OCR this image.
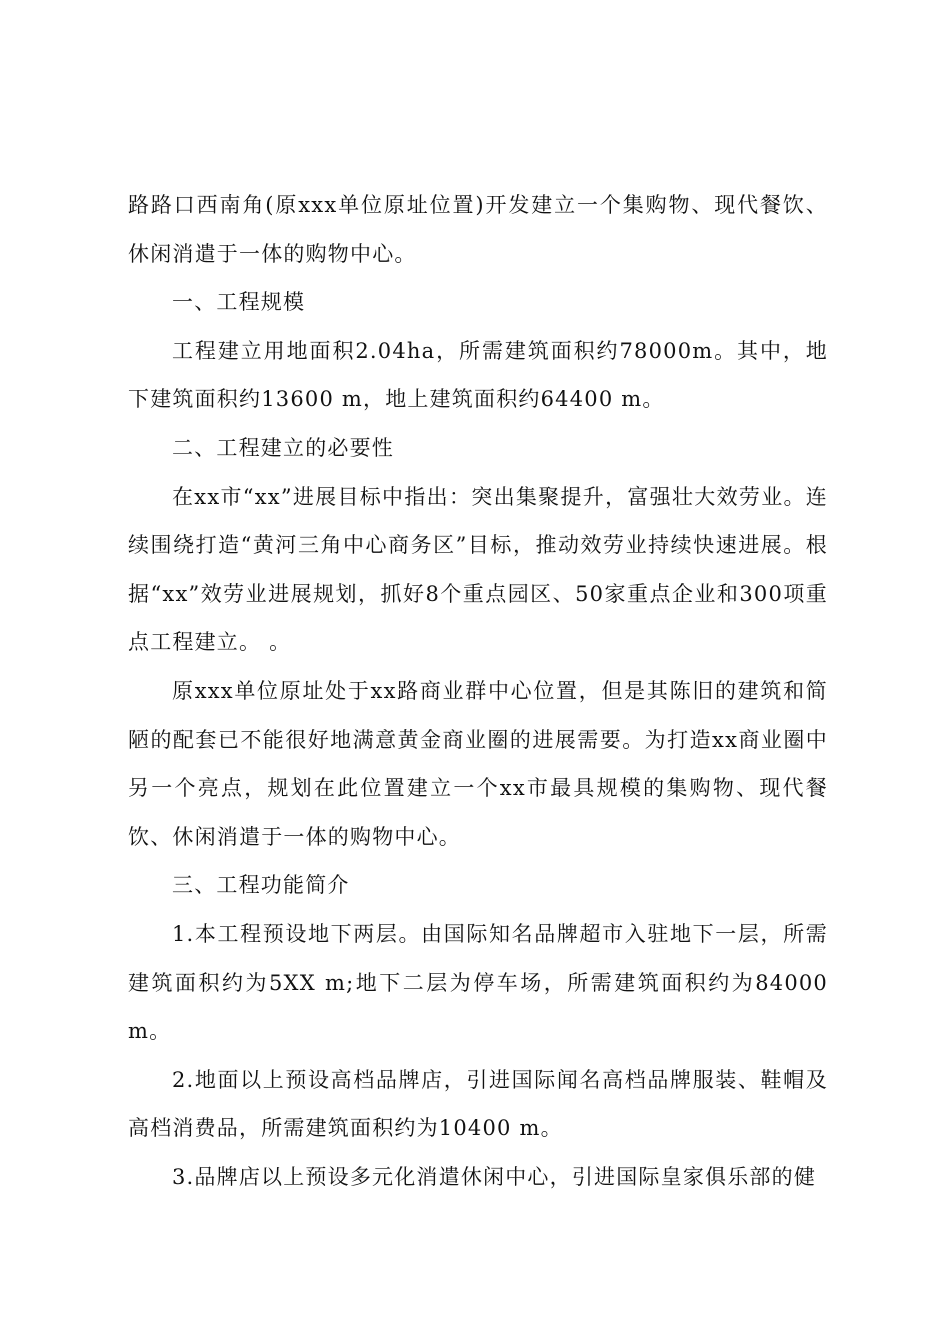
路路口西南角(原xxx单位原址位置)开发建立一个集购物、现代餐饮、休闲消遣于一体的购物中心。

一、工程规模

工程建立用地面积2.04ha，所需建筑面积约78000m。其中，地下建筑面积约13600 m，地上建筑面积约64400 m。

二、工程建立的必要性

在xx市“xx”进展目标中指出：突出集聚提升，富强壮大效劳业。连续围绕打造“黄河三角中心商务区”目标，推动效劳业持续快速进展。根据“xx”效劳业进展规划，抓好8个重点园区、50家重点企业和300项重点工程建立。 。

原xxx单位原址处于xx路商业群中心位置，但是其陈旧的建筑和简陋的配套已不能很好地满意黄金商业圈的进展需要。为打造xx商业圈中另一个亮点，规划在此位置建立一个xx市最具规模的集购物、现代餐饮、休闲消遣于一体的购物中心。

三、工程功能简介

1.本工程预设地下两层。由国际知名品牌超市入驻地下一层，所需建筑面积约为5XX m;地下二层为停车场，所需建筑面积约为84000 m。

2.地面以上预设高档品牌店，引进国际闻名高档品牌服装、鞋帽及高档消费品，所需建筑面积约为10400 m。

3.品牌店以上预设多元化消遣休闲中心，引进国际皇家俱乐部的健
